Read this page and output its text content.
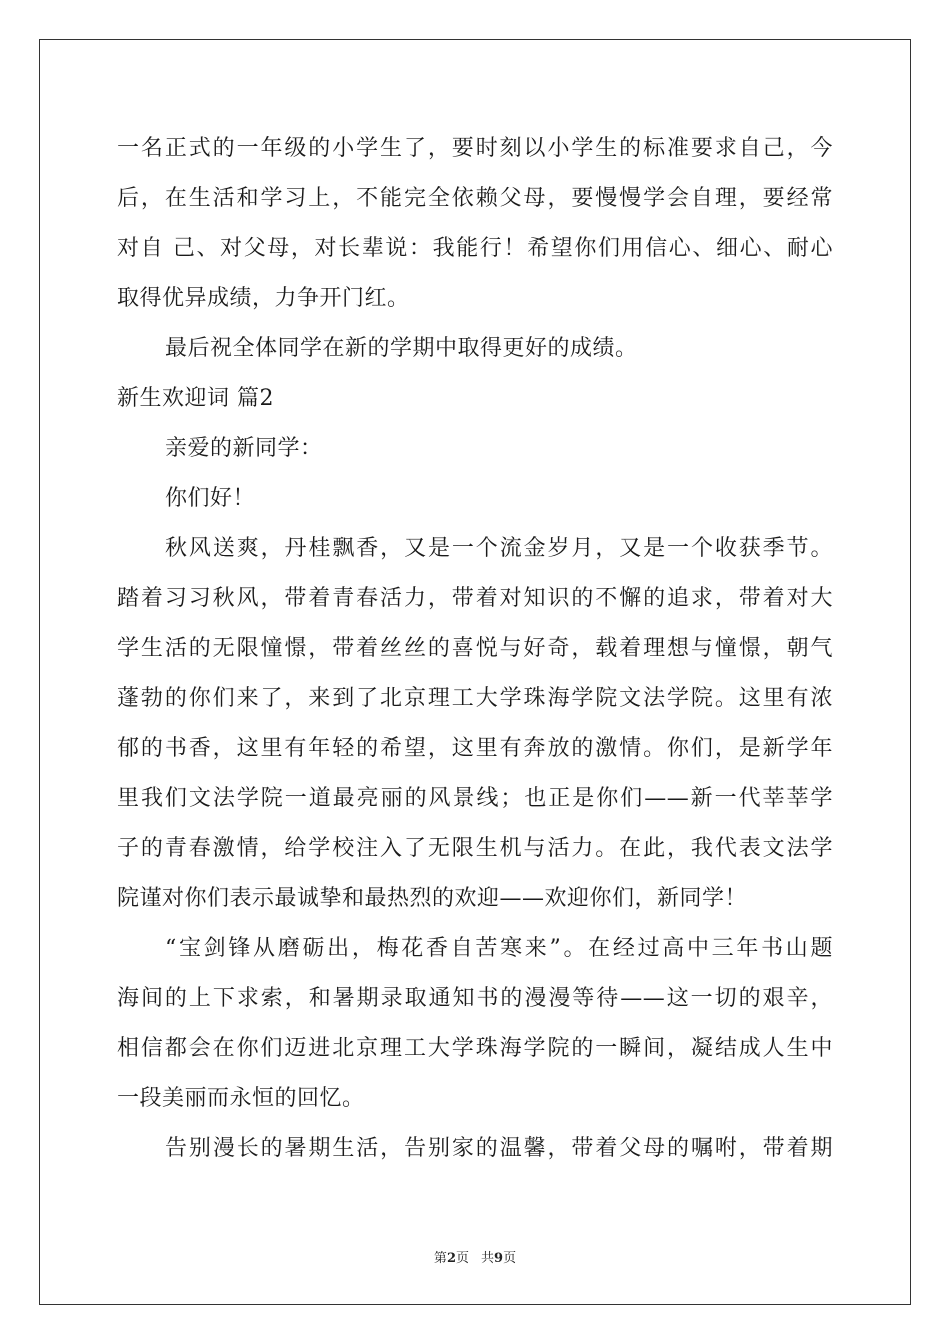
一名正式的一年级的小学生了，要时刻以小学生的标准要求自己，今
后，在生活和学习上，不能完全依赖父母，要慢慢学会自理，要经常
对自 己、对父母，对长辈说：我能行！希望你们用信心、细心、耐心
取得优异成绩，力争开门红。
最后祝全体同学在新的学期中取得更好的成绩。
新生欢迎词 篇2
亲爱的新同学：
你们好！
秋风送爽，丹桂飘香，又是一个流金岁月，又是一个收获季节。
踏着习习秋风，带着青春活力，带着对知识的不懈的追求，带着对大
学生活的无限憧憬，带着丝丝的喜悦与好奇，载着理想与憧憬，朝气
蓬勃的你们来了，来到了北京理工大学珠海学院文法学院。这里有浓
郁的书香，这里有年轻的希望，这里有奔放的激情。你们，是新学年
里我们文法学院一道最亮丽的风景线；也正是你们——新一代莘莘学
子的青春激情，给学校注入了无限生机与活力。在此，我代表文法学
院谨对你们表示最诚挚和最热烈的欢迎——欢迎你们，新同学！
“宝剑锋从磨砺出，梅花香自苦寒来”。在经过高中三年书山题
海间的上下求索，和暑期录取通知书的漫漫等待——这一切的艰辛，
相信都会在你们迈进北京理工大学珠海学院的一瞬间，凝结成人生中
一段美丽而永恒的回忆。
告别漫长的暑期生活，告别家的温馨，带着父母的嘱咐，带着期
第2页 共9页
